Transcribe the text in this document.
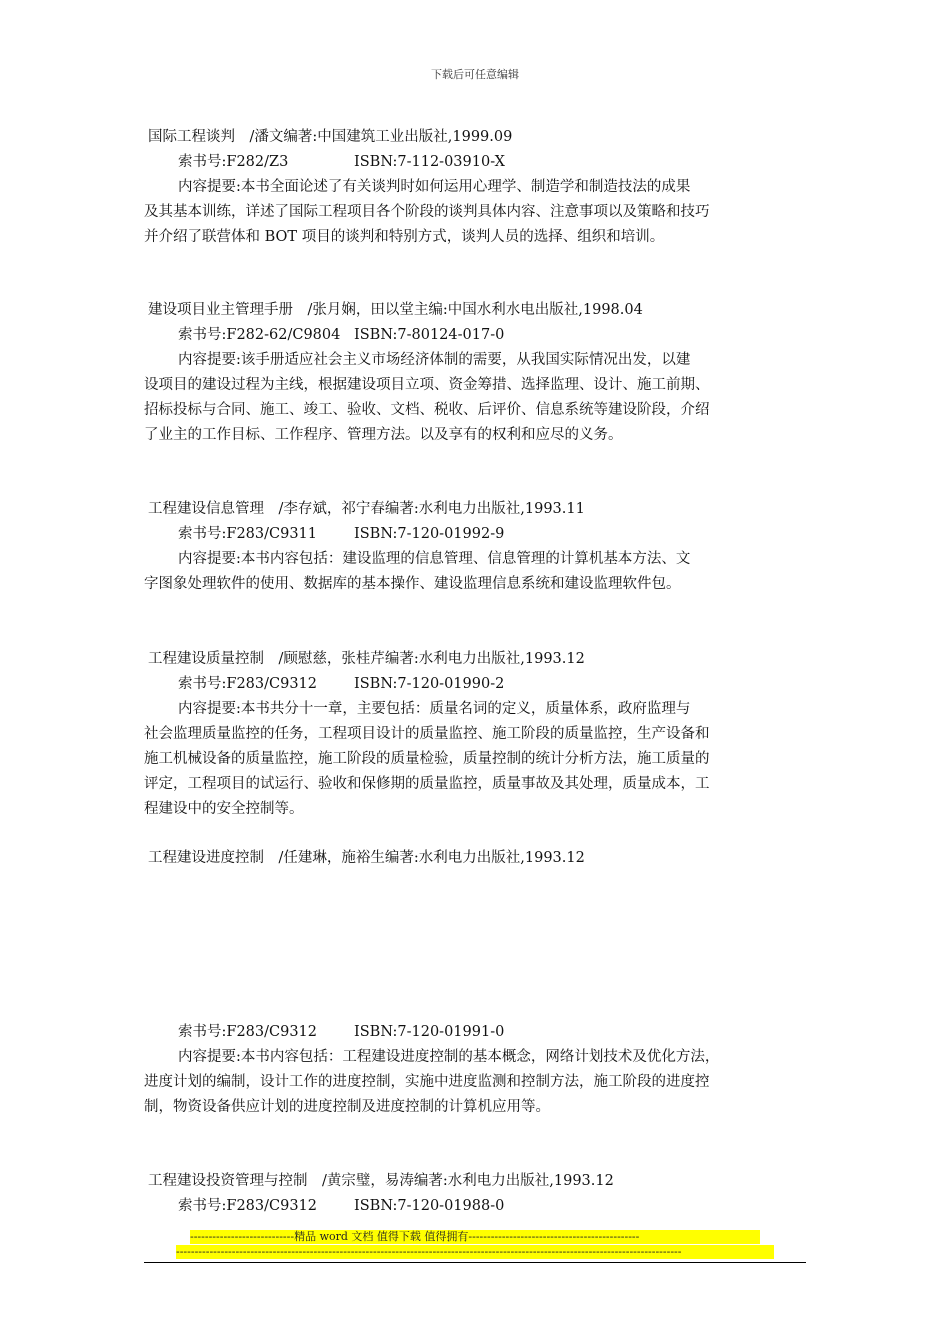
下载后可任意编辑
国际工程谈判　/潘文编著:中国建筑工业出版社,1999.09
索书号:F282/Z3	ISBN:7-112-03910-X
内容提要:本书全面论述了有关谈判时如何运用心理学、制造学和制造技法的成果
及其基本训练，详述了国际工程项目各个阶段的谈判具体内容、注意事项以及策略和技巧
并介绍了联营体和 BOT 项目的谈判和特别方式，谈判人员的选择、组织和培训。
建设项目业主管理手册　/张月娴，田以堂主编:中国水利水电出版社,1998.04
索书号:F282-62/C9804 ISBN:7-80124-017-0
内容提要:该手册适应社会主义市场经济体制的需要，从我国实际情况出发，以建
设项目的建设过程为主线，根据建设项目立项、资金筹措、选择监理、设计、施工前期、
招标投标与合同、施工、竣工、验收、文档、税收、后评价、信息系统等建设阶段，介绍
了业主的工作目标、工作程序、管理方法。以及享有的权利和应尽的义务。
工程建设信息管理　/李存斌，祁宁春编著:水利电力出版社,1993.11
索书号:F283/C9311	ISBN:7-120-01992-9
内容提要:本书内容包括：建设监理的信息管理、信息管理的计算机基本方法、文
字图象处理软件的使用、数据库的基本操作、建设监理信息系统和建设监理软件包。
工程建设质量控制　/顾慰慈，张桂芹编著:水利电力出版社,1993.12
索书号:F283/C9312	ISBN:7-120-01990-2
内容提要:本书共分十一章，主要包括：质量名词的定义，质量体系，政府监理与
社会监理质量监控的任务，工程项目设计的质量监控、施工阶段的质量监控，生产设备和
施工机械设备的质量监控，施工阶段的质量检验，质量控制的统计分析方法，施工质量的
评定，工程项目的试运行、验收和保修期的质量监控，质量事故及其处理，质量成本，工
程建设中的安全控制等。
工程建设进度控制　/任建琳，施裕生编著:水利电力出版社,1993.12
索书号:F283/C9312	ISBN:7-120-01991-0
内容提要:本书内容包括：工程建设进度控制的基本概念，网络计划技术及优化方法，
进度计划的编制，设计工作的进度控制，实施中进度监测和控制方法，施工阶段的进度控
制，物资设备供应计划的进度控制及进度控制的计算机应用等。
工程建设投资管理与控制　/黄宗璧，易涛编著:水利电力出版社,1993.12
索书号:F283/C9312	ISBN:7-120-01988-0
----------------------------精品 word 文档 值得下载 值得拥有----------------------------------------------
----------------------------------------------------------------------------------------------------------------------------------------
